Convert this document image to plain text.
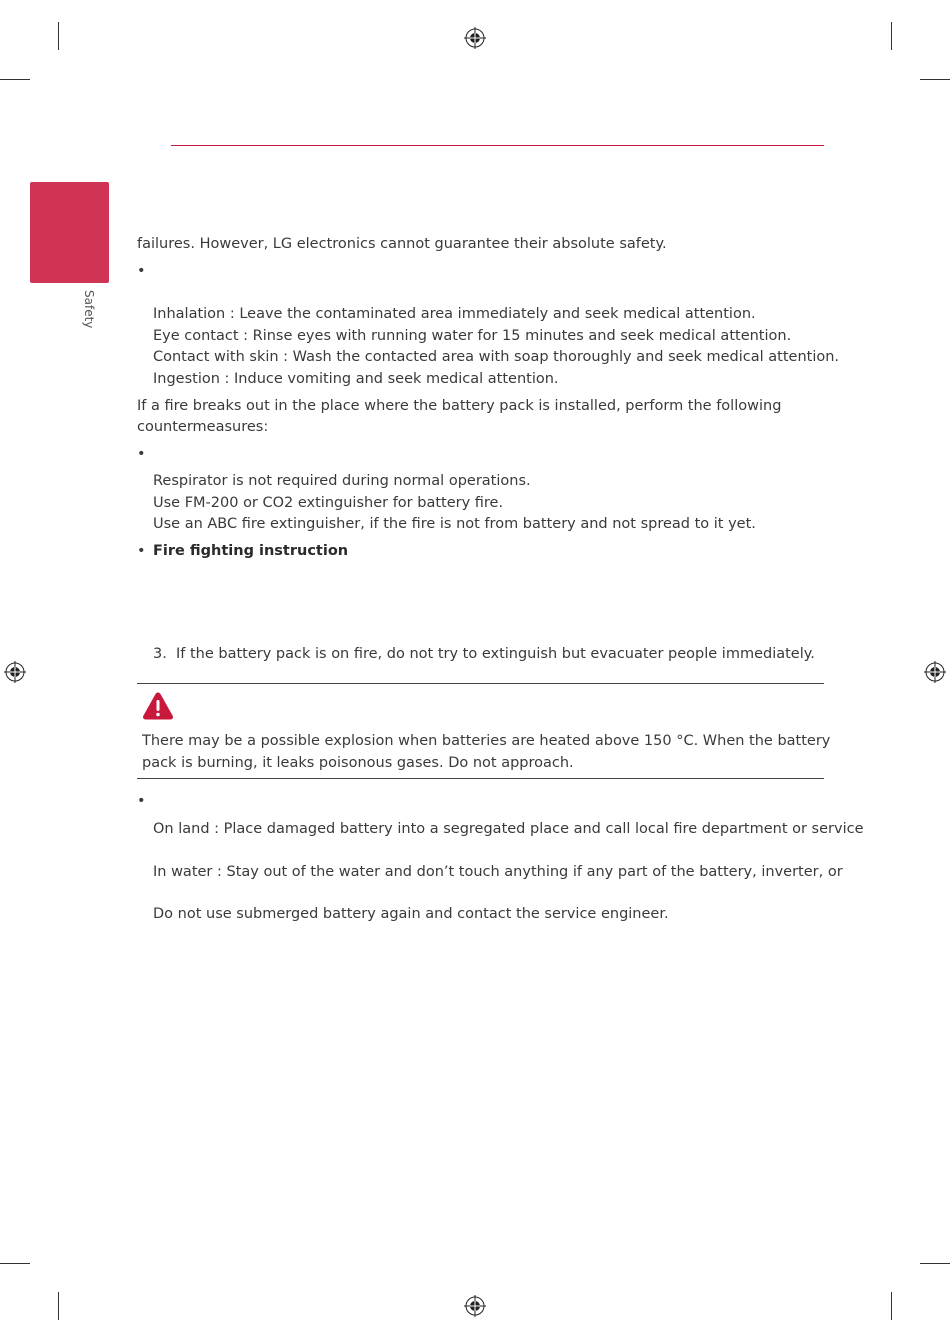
Safety
failures. However, LG electronics cannot guarantee their absolute safety.
Inhalation : Leave the contaminated area immediately and seek medical attention.
Eye contact : Rinse eyes with running water for 15 minutes and seek medical attention.
Contact with skin : Wash the contacted area with soap thoroughly and seek medical attention.
Ingestion : Induce vomiting and seek medical attention.
If a fire breaks out in the place where the battery pack is installed, perform the following
countermeasures:
Respirator is not required during normal operations.
Use FM-200 or CO2 extinguisher for battery fire.
Use an ABC fire extinguisher, if the fire is not from battery and not spread to it yet.
Fire fighting instruction
3. If the battery pack is on fire, do not try to extinguish but evacuater people immediately.
There may be a possible explosion when batteries are heated above 150 °C. When the battery
pack is burning, it leaks poisonous gases. Do not approach.
On land : Place damaged battery into a segregated place and call local fire department or service
In water : Stay out of the water and don’t touch anything if any part of the battery, inverter, or
Do not use submerged battery again and contact the service engineer.
